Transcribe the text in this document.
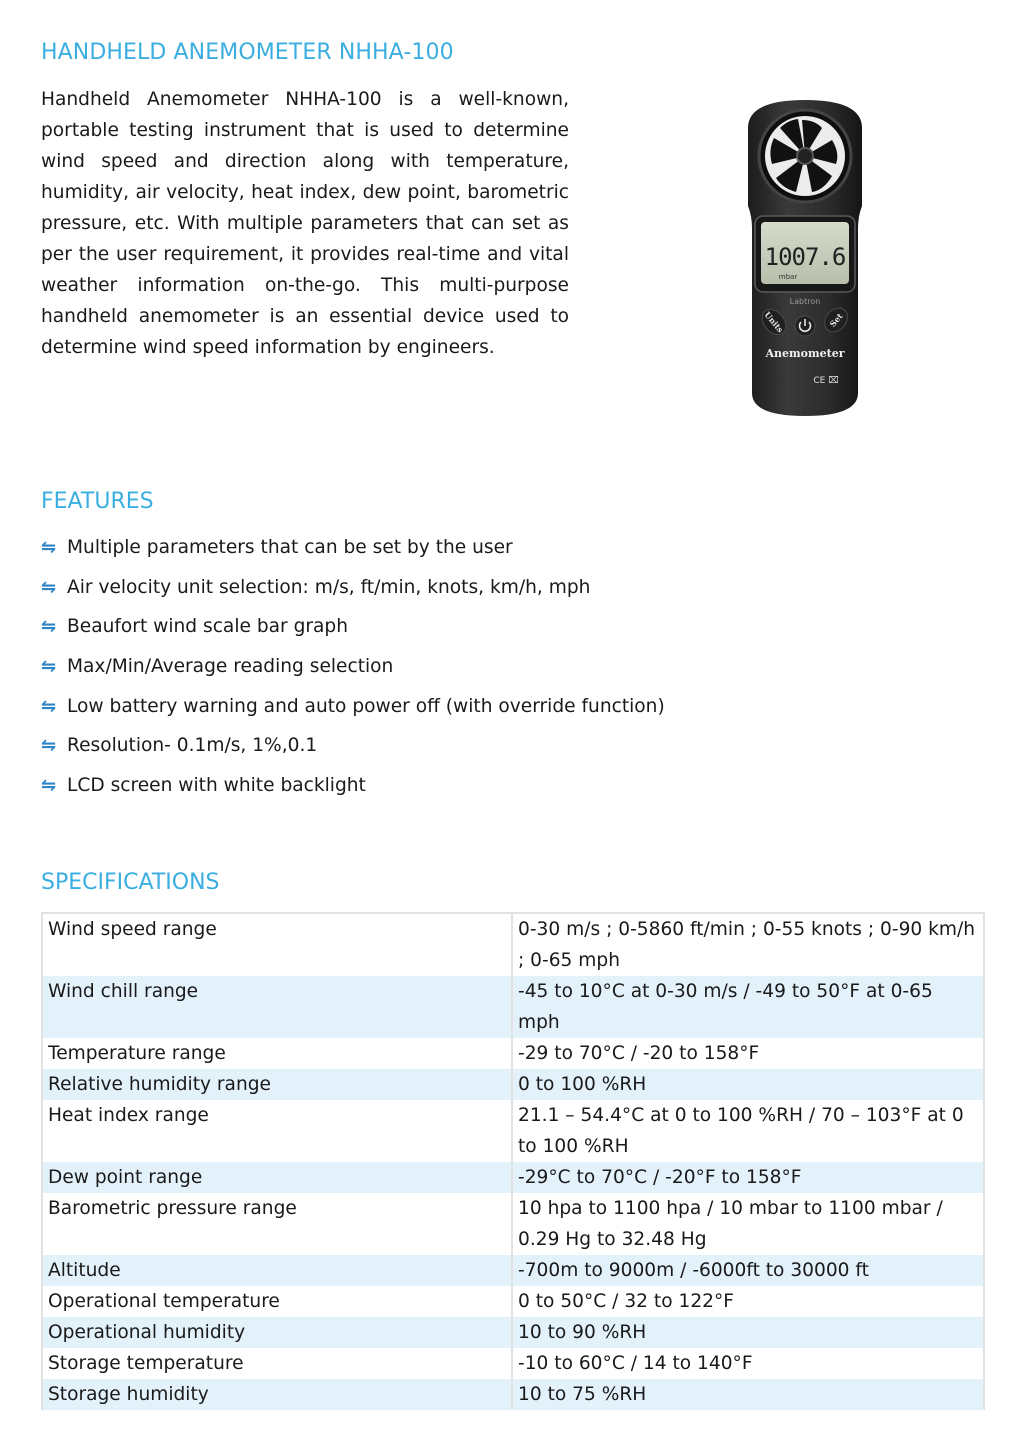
HANDHELD ANEMOMETER NHHA-100

Handheld Anemometer NHHA-100 is a well-known, portable testing instrument that is used to determine wind speed and direction along with temperature, humidity, air velocity, heat index, dew point, barometric pressure, etc. With multiple parameters that can set as per the user requirement, it provides real-time and vital weather information on-the-go. This multi-purpose handheld anemometer is an essential device used to determine wind speed information by engineers.

1007.6
mbar
Labtron
Units	Set
Anemometer
CE ⌧
FEATURES
⇋ Multiple parameters that can be set by the user
⇋ Air velocity unit selection: m/s, ft/min, knots, km/h, mph
⇋ Beaufort wind scale bar graph
⇋ Max/Min/Average reading selection
⇋ Low battery warning and auto power off (with override function)
⇋ Resolution- 0.1m/s, 1%,0.1
⇋ LCD screen with white backlight
SPECIFICATIONS
Wind speed range	0-30 m/s ; 0-5860 ft/min ; 0-55 knots ; 0-90 km/h ; 0-65 mph
Wind chill range	-45 to 10°C at 0-30 m/s / -49 to 50°F at 0-65 mph
Temperature range	-29 to 70°C / -20 to 158°F
Relative humidity range	0 to 100 %RH
Heat index range	21.1 – 54.4°C at 0 to 100 %RH / 70 – 103°F at 0 to 100 %RH
Dew point range	-29°C to 70°C / -20°F to 158°F
Barometric pressure range	10 hpa to 1100 hpa / 10 mbar to 1100 mbar / 0.29 Hg to 32.48 Hg
Altitude	-700m to 9000m / -6000ft to 30000 ft
Operational temperature	0 to 50°C / 32 to 122°F
Operational humidity	10 to 90 %RH
Storage temperature	-10 to 60°C / 14 to 140°F
Storage humidity	10 to 75 %RH
